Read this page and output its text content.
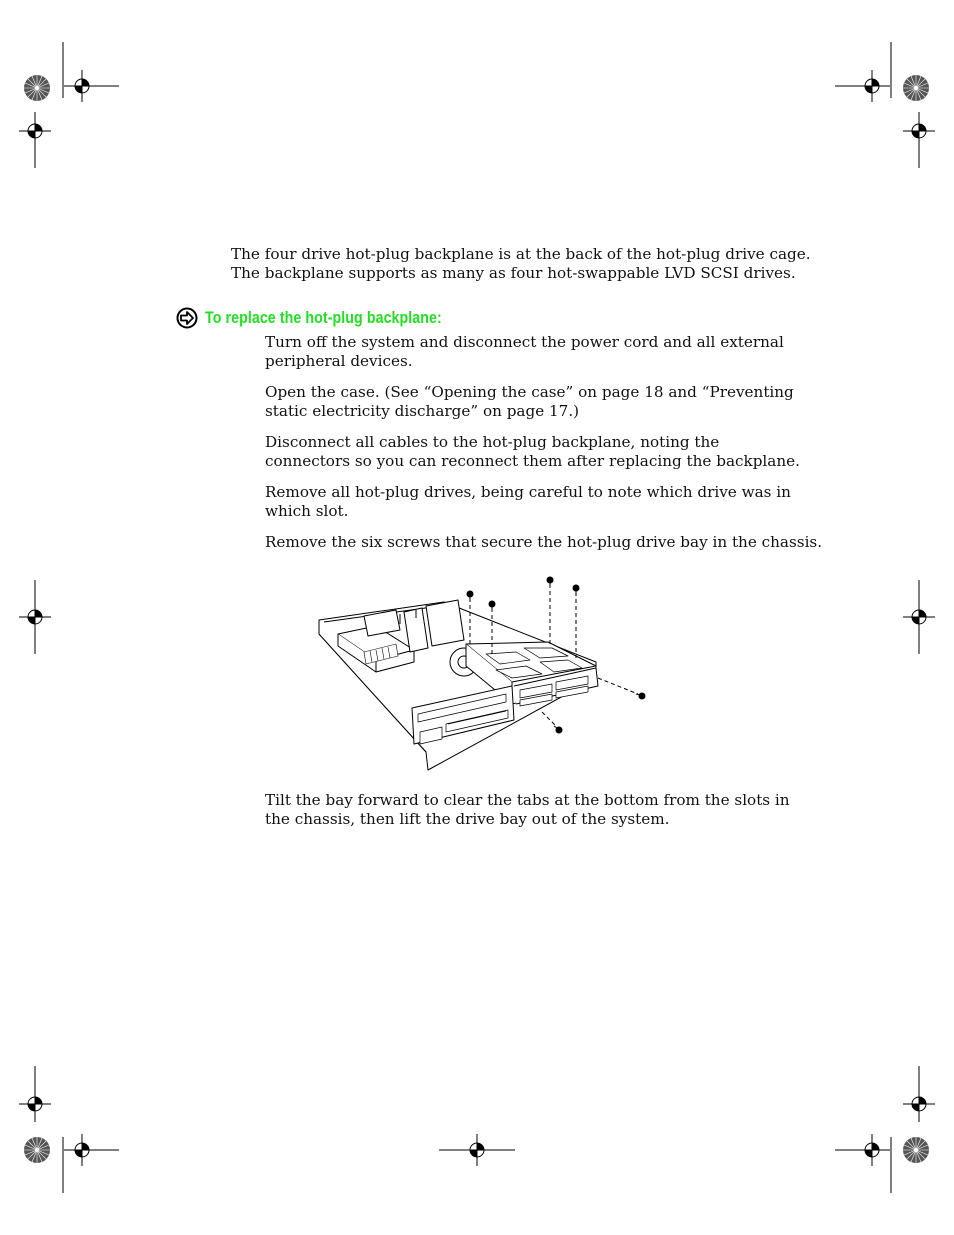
The four drive hot-plug backplane is at the back of the hot-plug drive cage.
The backplane supports as many as four hot-swappable LVD SCSI drives.

To replace the hot-plug backplane:

Turn off the system and disconnect the power cord and all external peripheral devices.

Open the case. (See “Opening the case” on page 18 and “Preventing static electricity discharge” on page 17.)

Disconnect all cables to the hot-plug backplane, noting the connectors so you can reconnect them after replacing the backplane.

Remove all hot-plug drives, being careful to note which drive was in which slot.

Remove the six screws that secure the hot-plug drive bay in the chassis.

Tilt the bay forward to clear the tabs at the bottom from the slots in the chassis, then lift the drive bay out of the system.
